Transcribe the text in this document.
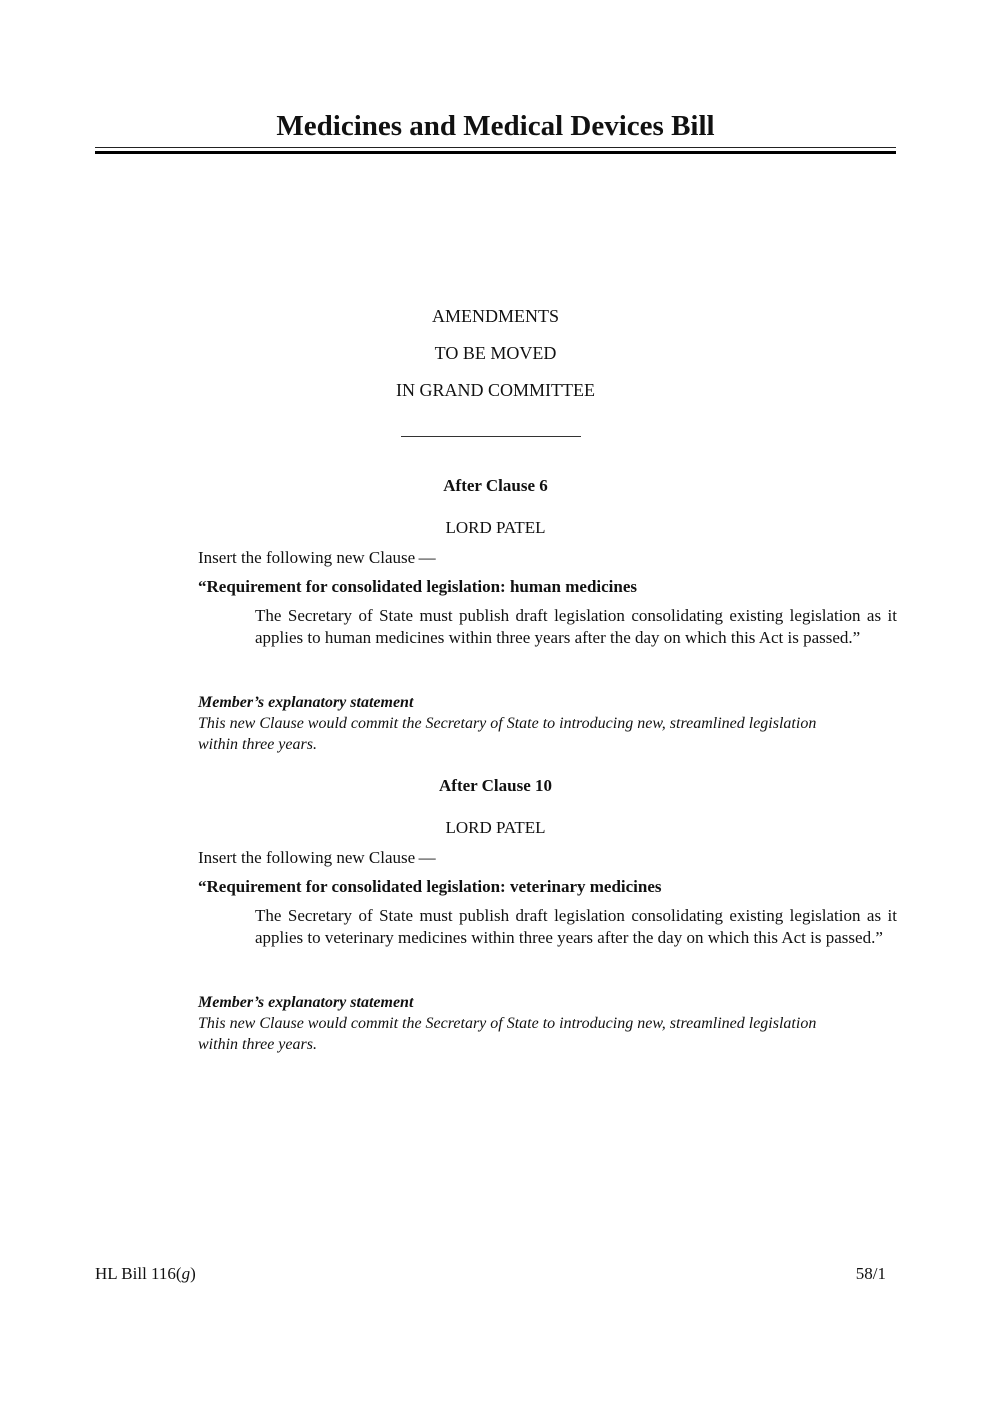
Medicines and Medical Devices Bill
AMENDMENTS
TO BE MOVED
IN GRAND COMMITTEE
After Clause 6
LORD PATEL
Insert the following new Clause —
“Requirement for consolidated legislation: human medicines
The Secretary of State must publish draft legislation consolidating existing legislation as it applies to human medicines within three years after the day on which this Act is passed.”
Member’s explanatory statement
This new Clause would commit the Secretary of State to introducing new, streamlined legislation within three years.
After Clause 10
LORD PATEL
Insert the following new Clause —
“Requirement for consolidated legislation: veterinary medicines
The Secretary of State must publish draft legislation consolidating existing legislation as it applies to veterinary medicines within three years after the day on which this Act is passed.”
Member’s explanatory statement
This new Clause would commit the Secretary of State to introducing new, streamlined legislation within three years.
HL Bill 116(g)	58/1
